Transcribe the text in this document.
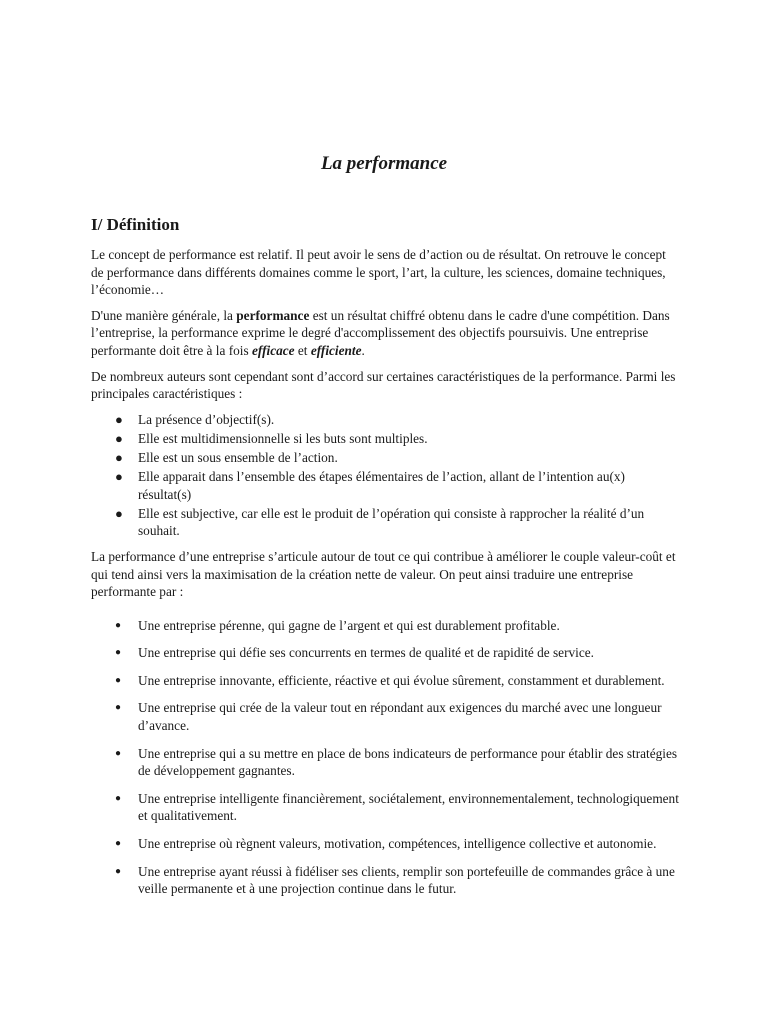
La performance
I/ Définition

Le concept de performance est relatif. Il peut avoir le sens de d’action ou de résultat. On retrouve le concept de performance dans différents domaines comme le sport, l’art, la culture, les sciences, domaine techniques, l’économie…

D'une manière générale, la performance est un résultat chiffré obtenu dans le cadre d'une compétition. Dans l’entreprise, la performance exprime le degré d'accomplissement des objectifs poursuivis. Une entreprise performante doit être à la fois efficace et efficiente.

De nombreux auteurs sont cependant sont d’accord sur certaines caractéristiques de la performance. Parmi les principales caractéristiques :

● La présence d’objectif(s).
● Elle est multidimensionnelle si les buts sont multiples.
● Elle est un sous ensemble de l’action.
● Elle apparait dans l’ensemble des étapes élémentaires de l’action, allant de l’intention au(x) résultat(s)
● Elle est subjective, car elle est le produit de l’opération qui consiste à rapprocher la réalité d’un souhait.

La performance d’une entreprise s’articule autour de tout ce qui contribue à améliorer le couple valeur-coût et qui tend ainsi vers la maximisation de la création nette de valeur. On peut ainsi traduire une entreprise performante par :

● Une entreprise pérenne, qui gagne de l’argent et qui est durablement profitable.
● Une entreprise qui défie ses concurrents en termes de qualité et de rapidité de service.
● Une entreprise innovante, efficiente, réactive et qui évolue sûrement, constamment et durablement.
● Une entreprise qui crée de la valeur tout en répondant aux exigences du marché avec une longueur d’avance.
● Une entreprise qui a su mettre en place de bons indicateurs de performance pour établir des stratégies de développement gagnantes.
● Une entreprise intelligente financièrement, sociétalement, environnementalement, technologiquement et qualitativement.
● Une entreprise où règnent valeurs, motivation, compétences, intelligence collective et autonomie.
● Une entreprise ayant réussi à fidéliser ses clients, remplir son portefeuille de commandes grâce à une veille permanente et à une projection continue dans le futur.
